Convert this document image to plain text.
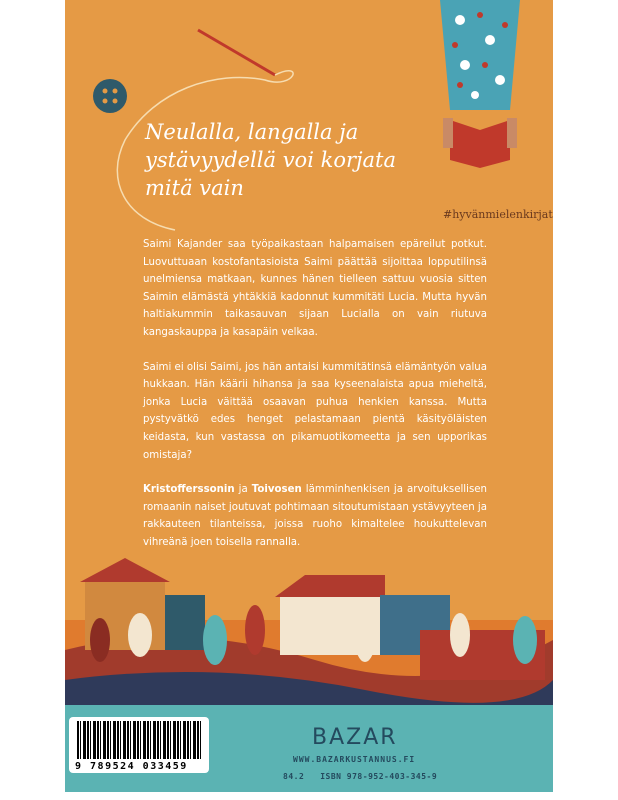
Neulalla, langalla ja ystävyydellä voi korjata mitä vain
#hyvänmielenkirjat

Saimi Kajander saa työpaikastaan halpamaisen epäreilut potkut. Luovuttuaan kostofantasioista Saimi päättää sijoittaa lopputilinsä unelmiensa matkaan, kunnes hänen tielleen sattuu vuosia sitten Saimin elämästä yhtäkkiä kadonnut kummitäti Lucia. Mutta hyvän haltiakummin taikasauvan sijaan Lucialla on vain riutuva kangaskauppa ja kasapäin velkaa.

Saimi ei olisi Saimi, jos hän antaisi kummitätinsä elämäntyön valua hukkaan. Hän käärii hihansa ja saa kyseenalaista apua mieheltä, jonka Lucia väittää osaavan puhua henkien kanssa. Mutta pystyvätkö edes henget pelastamaan pientä käsityöläisten keidasta, kun vastassa on pikamuotikomeetta ja sen upporikas omistaja?

Kristofferssonin ja Toivosen lämminhenkisen ja arvoituksellisen romaanin naiset joutuvat pohtimaan sitoutumistaan ystävyyteen ja rakkauteen tilanteissa, joissa ruoho kimaltelee houkuttelevan vihreänä joen toisella rannalla.

9 789524 033459
BAZAR
WWW.BAZARKUSTANNUS.FI
84.2   ISBN 978-952-403-345-9
